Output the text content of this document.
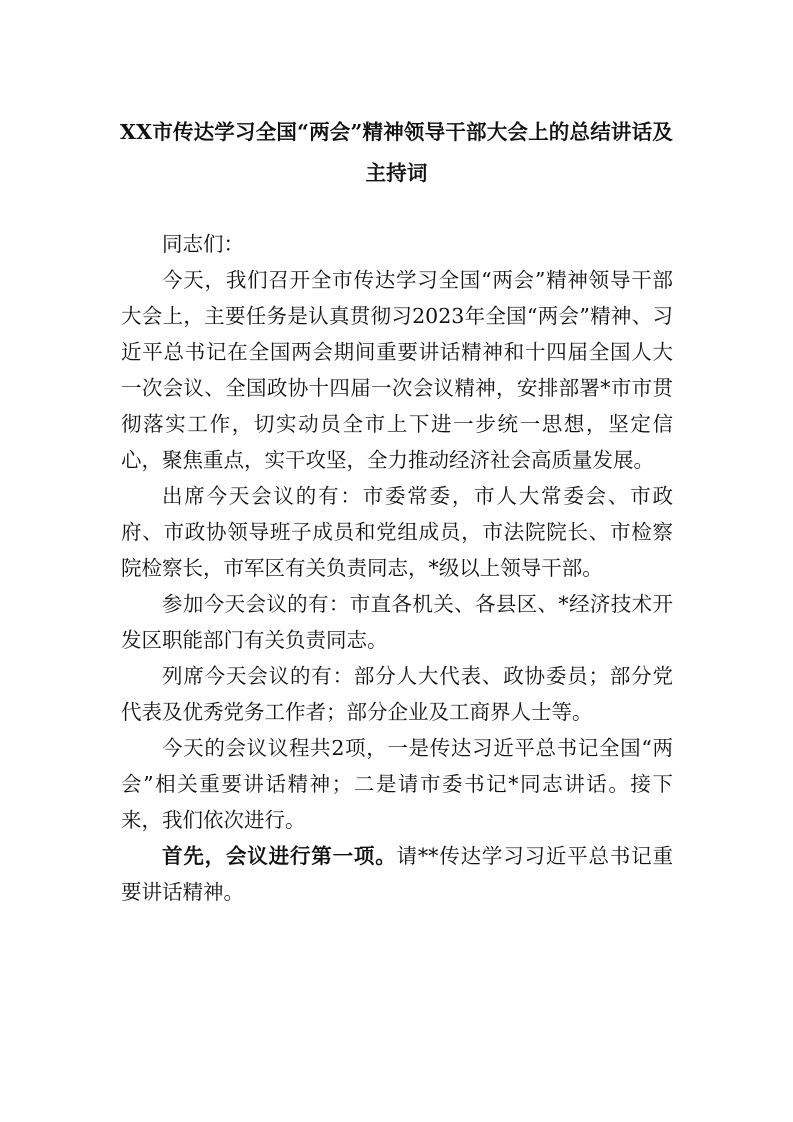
XX市传达学习全国“两会”精神领导干部大会上的总结讲话及
主持词

同志们：

今天，我们召开全市传达学习全国“两会”精神领导干部大会上，主要任务是认真贯彻习2023年全国“两会”精神、习近平总书记在全国两会期间重要讲话精神和十四届全国人大一次会议、全国政协十四届一次会议精神，安排部署*市市贯彻落实工作，切实动员全市上下进一步统一思想，坚定信心，聚焦重点，实干攻坚，全力推动经济社会高质量发展。

出席今天会议的有：市委常委，市人大常委会、市政府、市政协领导班子成员和党组成员，市法院院长、市检察院检察长，市军区有关负责同志，*级以上领导干部。

参加今天会议的有：市直各机关、各县区、*经济技术开发区职能部门有关负责同志。

列席今天会议的有：部分人大代表、政协委员；部分党代表及优秀党务工作者；部分企业及工商界人士等。

今天的会议议程共2项，一是传达习近平总书记全国“两会”相关重要讲话精神；二是请市委书记*同志讲话。接下来，我们依次进行。

首先，会议进行第一项。请**传达学习习近平总书记重要讲话精神。
